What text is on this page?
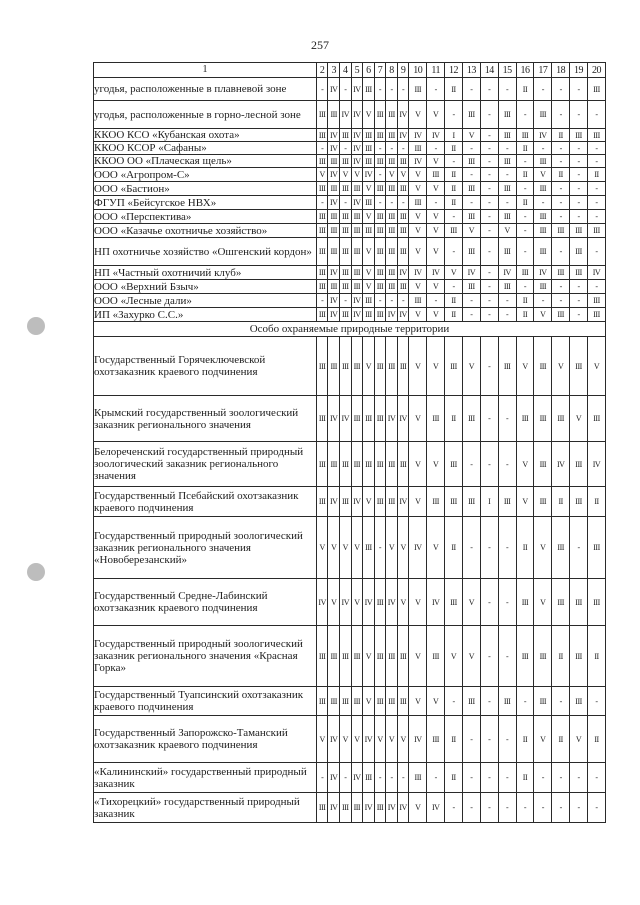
257
1	2	3	4	5	6	7	8	9	10	11	12	13	14	15	16	17	18	19	20
угодья, расположенные в плавневой зоне	-	IV	-	IV	III	-	-	-	III	-	II	-	-	-	II	-	-	-	III
угодья, расположенные в горно-лесной зоне	III	III	IV	IV	V	III	III	IV	V	V	-	III	-	III	-	III	-	-	-
ККОО КСО «Кубанская охота»	III	IV	III	IV	III	III	III	IV	IV	IV	I	V	-	III	III	IV	II	III	III
ККОО КСОР «Сафаны»	-	IV	-	IV	III	-	-	-	III	-	II	-	-	-	II	-	-	-	-
ККОО ОО «Плаческая щель»	III	III	III	IV	III	III	III	III	IV	V	-	III	-	III	-	III	-	-	-
ООО «Агропром-С»	V	IV	V	V	IV	-	V	V	V	III	II	-	-	-	II	V	II	-	II
ООО «Бастион»	III	III	III	III	V	III	III	III	V	V	II	III	-	III	-	III	-	-	-
ФГУП «Бейсугское НВХ»	-	IV	-	IV	III	-	-	-	III	-	II	-	-	-	II	-	-	-	-
ООО «Перспектива»	III	III	III	III	V	III	III	III	V	V	-	III	-	III	-	III	-	-	-
ООО «Казачье охотничье хозяйство»	III	III	III	III	III	III	III	III	V	V	III	V	-	V	-	III	III	III	III
НП охотничье хозяйство «Ошгенский кордон»	III	III	III	III	V	III	III	III	V	V	-	III	-	III	-	III	-	III	-
НП «Частный охотничий клуб»	III	IV	III	III	V	III	III	IV	IV	IV	V	IV	-	IV	III	IV	III	III	IV
ООО «Верхний Бзыч»	III	III	III	III	V	III	III	III	V	V	-	III	-	III	-	III	-	-	-
ООО «Лесные дали»	-	IV	-	IV	III	-	-	-	III	-	II	-	-	-	II	-	-	-	III
ИП «Захурко С.С.»	III	IV	III	IV	III	III	IV	IV	V	V	II	-	-	-	II	V	III	-	III
Особо охраняемые природные территории																			
Государственный Горячеключевской охотзаказник краевого подчинения	III	III	III	III	V	III	III	III	V	V	III	V	-	III	V	III	V	III	V
Крымский государственный зоологический заказник регионального значения	III	IV	IV	III	III	III	IV	IV	V	III	II	III	-	-	III	III	III	V	III
Белореченский государственный природный зоологический заказник регионального значения	III	III	III	III	III	III	III	III	V	V	III	-	-	-	V	III	IV	III	IV
Государственный Псебайский охотзаказник краевого подчинения	III	IV	III	IV	V	III	III	IV	V	III	III	III	I	III	V	III	II	III	II
Государственный природный зоологический заказник регионального значения «Новоберезанский»	V	V	V	V	III	-	V	V	IV	V	II	-	-	-	II	V	III	-	III
Государственный Средне-Лабинский охотзаказник краевого подчинения	IV	V	IV	V	IV	III	IV	V	V	IV	III	V	-	-	III	V	III	III	III
Государственный природный зоологический заказник регионального значения «Красная Горка»	III	III	III	III	V	III	III	III	V	III	V	V	-	-	III	III	II	III	II
Государственный Туапсинский охотзаказник краевого подчинения	III	III	III	III	V	III	III	III	V	V	-	III	-	III	-	III	-	III	-
Государственный Запорожско-Таманский охотзаказник краевого подчинения	V	IV	V	V	IV	V	V	V	IV	III	II	-	-	-	II	V	II	V	II
«Калининский» государственный природный заказник	-	IV	-	IV	III	-	-	-	III	-	II	-	-	-	II	-	-	-	-
«Тихорецкий» государственный природный заказник	III	IV	III	III	IV	III	IV	IV	V	IV	-	-	-	-	-	-	-	-	-
